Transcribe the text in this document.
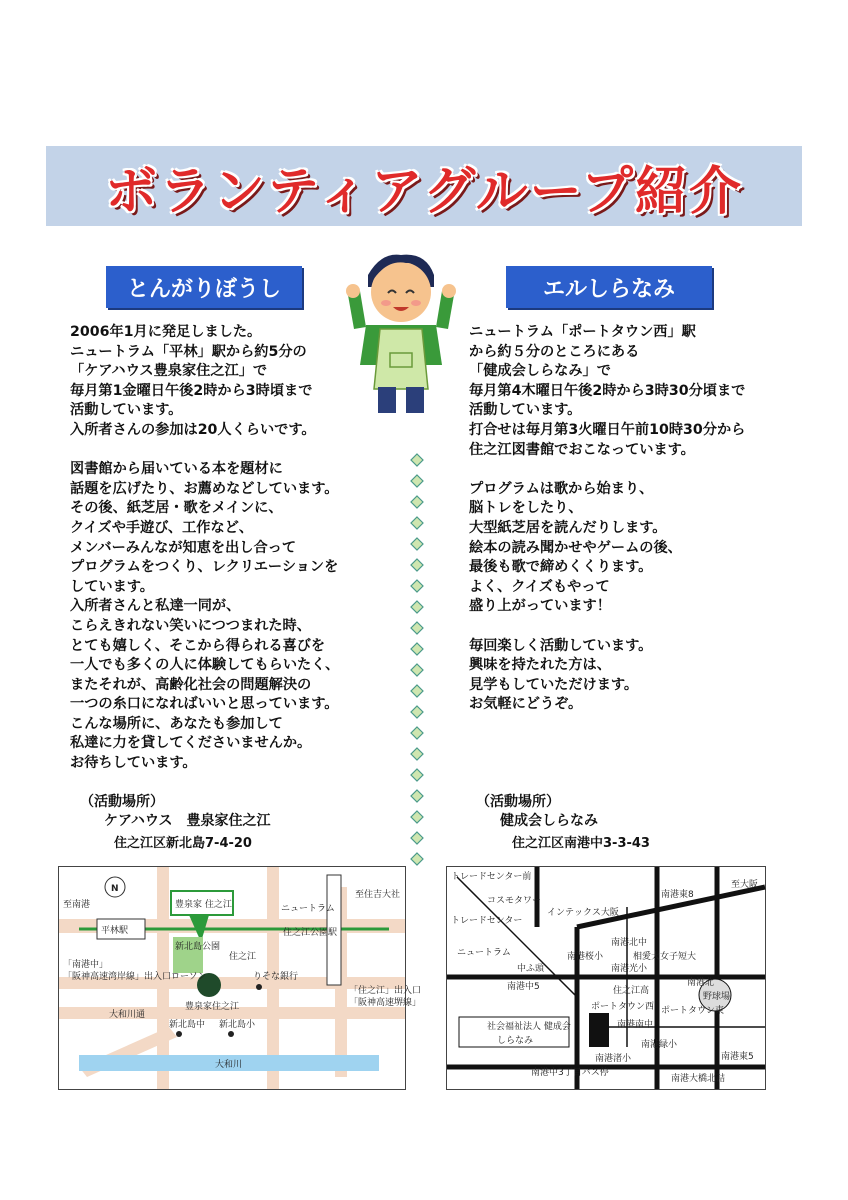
ボランティアグループ紹介
とんがりぼうし	エルしらなみ
2006年1月に発足しました。
ニュートラム「平林」駅から約5分の
「ケアハウス豊泉家住之江」で
毎月第1金曜日午後2時から3時頃まで
活動しています。
入所者さんの参加は20人くらいです。

図書館から届いている本を題材に
話題を広げたり、お薦めなどしています。
その後、紙芝居・歌をメインに、
クイズや手遊び、工作など、
メンバーみんなが知恵を出し合って
プログラムをつくり、レクリエーションを
しています。
入所者さんと私達一同が、
こらえきれない笑いにつつまれた時、
とても嬉しく、そこから得られる喜びを
一人でも多くの人に体験してもらいたく、
またそれが、高齢化社会の問題解決の
一つの糸口になればいいと思っています。
こんな場所に、あなたも参加して
私達に力を貸してくださいませんか。
お待ちしています。
ニュートラム「ポートタウン西」駅
から約５分のところにある
「健成会しらなみ」で
毎月第4木曜日午後2時から3時30分頃まで
活動しています。
打合せは毎月第3火曜日午前10時30分から
住之江図書館でおこなっています。

プログラムは歌から始まり、
脳トレをしたり、
大型紙芝居を読んだりします。
絵本の読み聞かせやゲームの後、
最後も歌で締めくくります。
よく、クイズもやって
盛り上がっています！

毎回楽しく活動しています。
興味を持たれた方は、
見学もしていただけます。
お気軽にどうぞ。
（活動場所）
ケアハウス　豊泉家住之江
住之江区新北島7-4-20
（活動場所）
健成会しらなみ
住之江区南港中3-3-43
N
平林駅
豊泉家 住之江	ニュートラム
住之江公園駅
新北島公園
住之江
ローソン	りそな銀行
豊泉家住之江
大和川通
新北島中 新北島小
大和川
至南港
至住吉大社
「南港中」
「阪神高速湾岸線」出入口
「住之江」出入口
「阪神高速堺線」
トレードセンター前
コスモタワー
トレードセンター
インテックス大阪
南港東8
至大阪
ニュートラム	南港桜小
南港北中
相愛大女子短大
南港光小
中ふ頭
住之江高
南港中5
ポートタウン西 ポートタウン東
南港北
野球場
南港南中
南港緑小
南港東5
南港渚小
南港中3丁目バス停
南港大橋北詰
しらなみ
社会福祉法人 健成会
